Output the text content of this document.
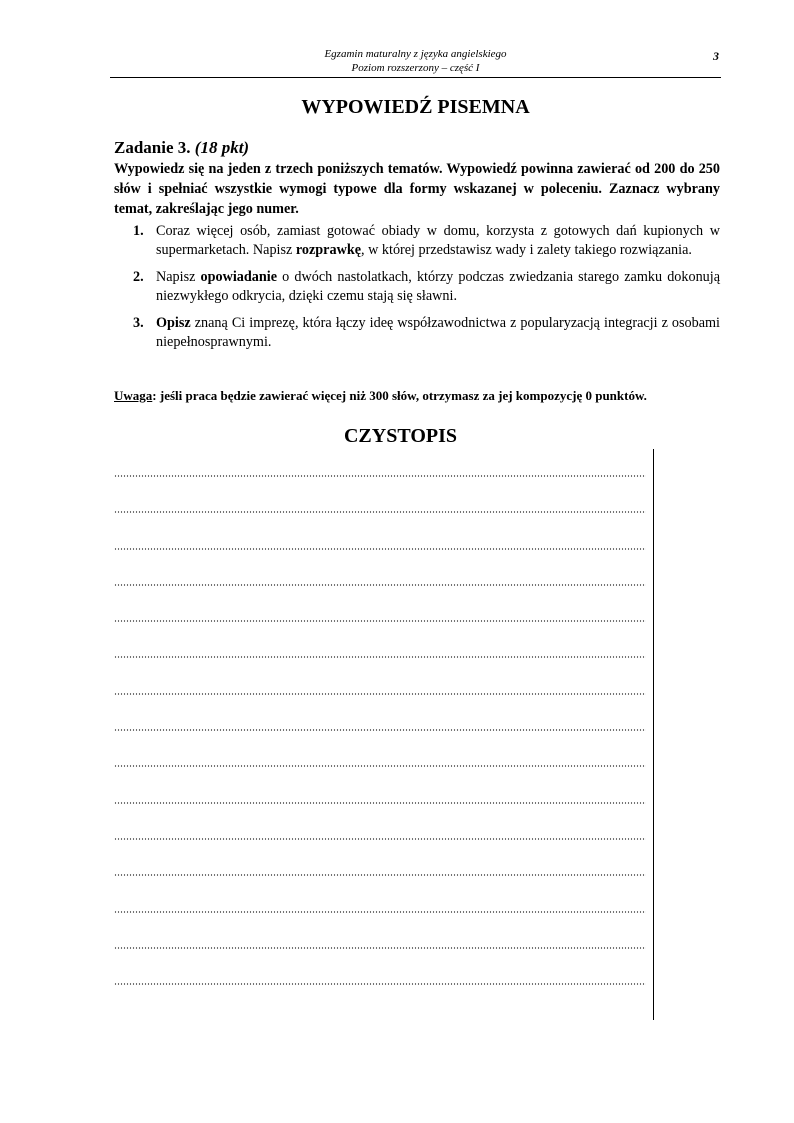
Egzamin maturalny z języka angielskiego
Poziom rozszerzony – część I
3
WYPOWIEDŹ PISEMNA
Zadanie 3. (18 pkt)
Wypowiedz się na jeden z trzech poniższych tematów. Wypowiedź powinna zawierać od 200 do 250 słów i spełniać wszystkie wymogi typowe dla formy wskazanej w poleceniu. Zaznacz wybrany temat, zakreślając jego numer.
1. Coraz więcej osób, zamiast gotować obiady w domu, korzysta z gotowych dań kupionych w supermarketach. Napisz rozprawkę, w której przedstawisz wady i zalety takiego rozwiązania.
2. Napisz opowiadanie o dwóch nastolatkach, którzy podczas zwiedzania starego zamku dokonują niezwykłego odkrycia, dzięki czemu stają się sławni.
3. Opisz znaną Ci imprezę, która łączy ideę współzawodnictwa z popularyzacją integracji z osobami niepełnosprawnymi.
Uwaga: jeśli praca będzie zawierać więcej niż 300 słów, otrzymasz za jej kompozycję 0 punktów.
CZYSTOPIS
